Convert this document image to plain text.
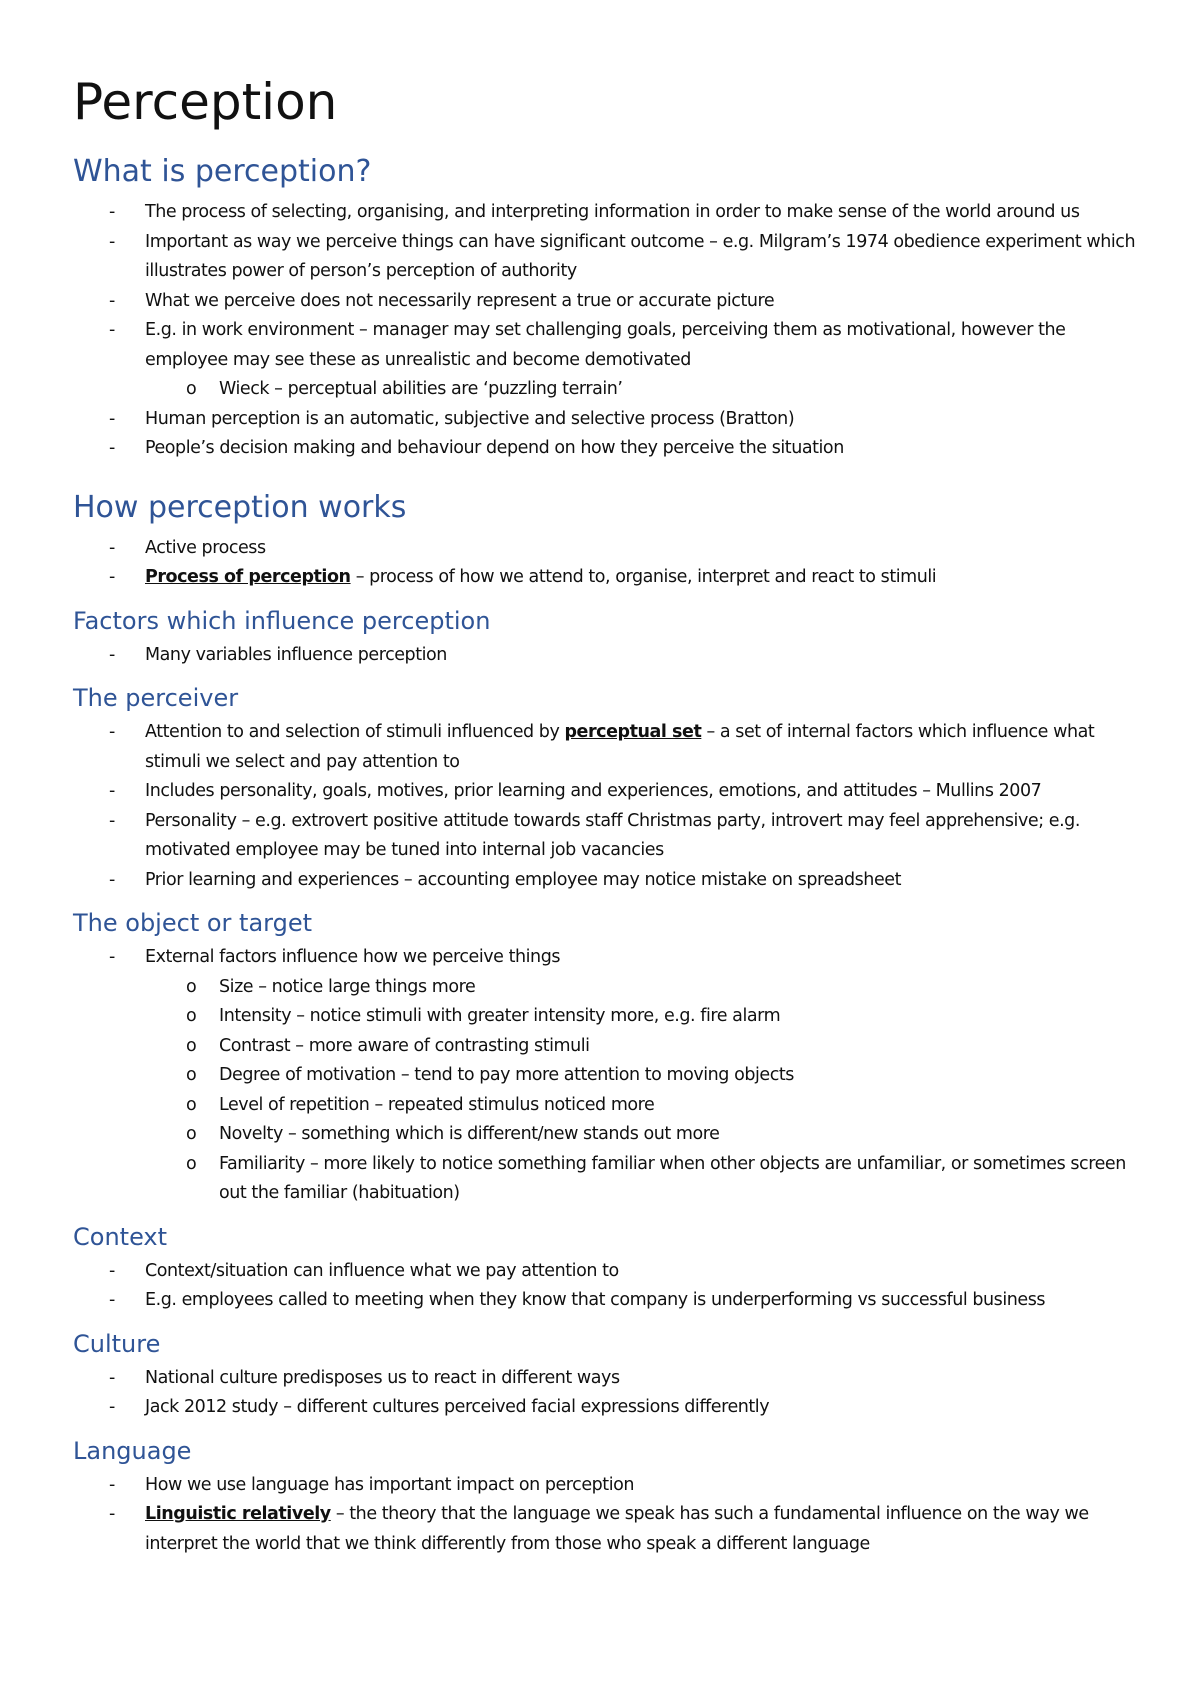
Perception
What is perception?
- The process of selecting, organising, and interpreting information in order to make sense of the world around us
- Important as way we perceive things can have significant outcome – e.g. Milgram’s 1974 obedience experiment which illustrates power of person’s perception of authority
- What we perceive does not necessarily represent a true or accurate picture
- E.g. in work environment – manager may set challenging goals, perceiving them as motivational, however the employee may see these as unrealistic and become demotivated
o Wieck – perceptual abilities are ‘puzzling terrain’
- Human perception is an automatic, subjective and selective process (Bratton)
- People’s decision making and behaviour depend on how they perceive the situation
How perception works
- Active process
- Process of perception – process of how we attend to, organise, interpret and react to stimuli
Factors which influence perception
- Many variables influence perception
The perceiver
- Attention to and selection of stimuli influenced by perceptual set – a set of internal factors which influence what stimuli we select and pay attention to
- Includes personality, goals, motives, prior learning and experiences, emotions, and attitudes – Mullins 2007
- Personality – e.g. extrovert positive attitude towards staff Christmas party, introvert may feel apprehensive; e.g. motivated employee may be tuned into internal job vacancies
- Prior learning and experiences – accounting employee may notice mistake on spreadsheet
The object or target
- External factors influence how we perceive things
o Size – notice large things more
o Intensity – notice stimuli with greater intensity more, e.g. fire alarm
o Contrast – more aware of contrasting stimuli
o Degree of motivation – tend to pay more attention to moving objects
o Level of repetition – repeated stimulus noticed more
o Novelty – something which is different/new stands out more
o Familiarity – more likely to notice something familiar when other objects are unfamiliar, or sometimes screen out the familiar (habituation)
Context
- Context/situation can influence what we pay attention to
- E.g. employees called to meeting when they know that company is underperforming vs successful business
Culture
- National culture predisposes us to react in different ways
- Jack 2012 study – different cultures perceived facial expressions differently
Language
- How we use language has important impact on perception
- Linguistic relatively – the theory that the language we speak has such a fundamental influence on the way we interpret the world that we think differently from those who speak a different language
